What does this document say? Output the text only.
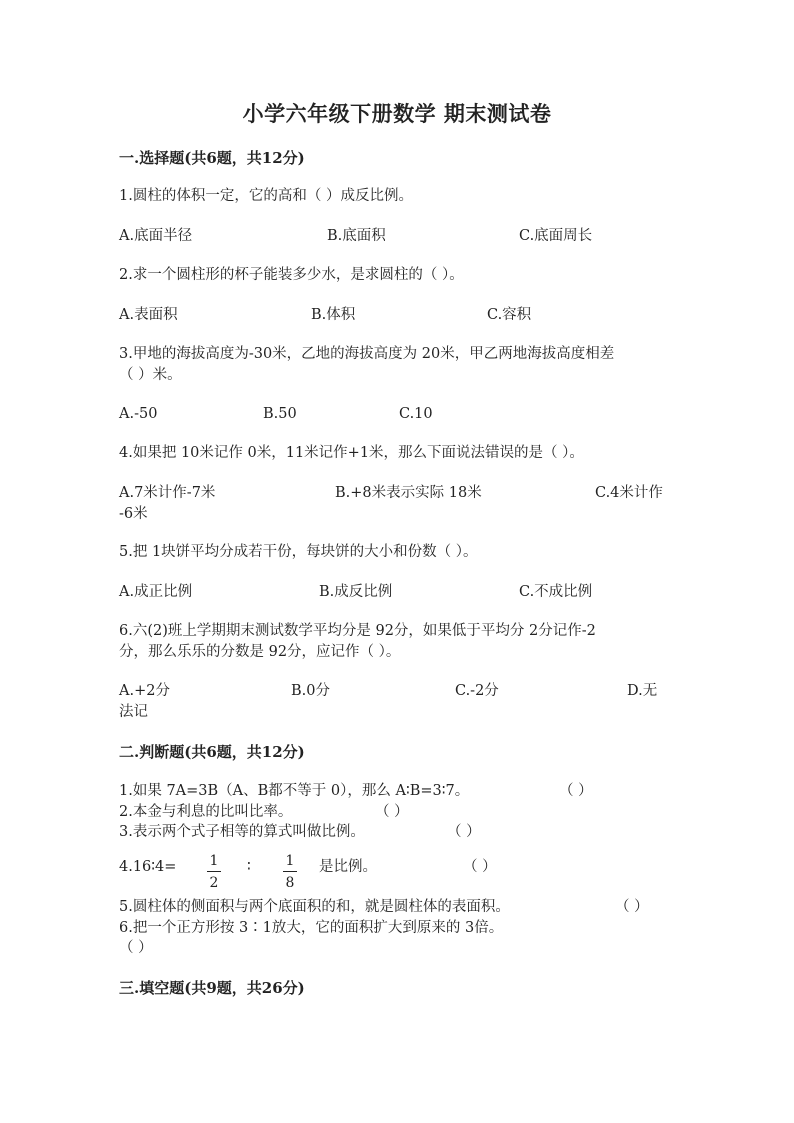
小学六年级下册数学 期末测试卷
一.选择题(共6题，共12分)
1.圆柱的体积一定，它的高和（ ）成反比例。
A.底面半径	B.底面积	C.底面周长
2.求一个圆柱形的杯子能装多少水，是求圆柱的（ ）。
A.表面积	B.体积	C.容积
3.甲地的海拔高度为-30米，乙地的海拔高度为 20米，甲乙两地海拔高度相差
（ ）米。
A.-50	B.50	C.10
4.如果把 10米记作 0米，11米记作+1米，那么下面说法错误的是（ ）。
A.7米计作-7米	B.+8米表示实际 18米	C.4米计作
-6米
5.把 1块饼平均分成若干份，每块饼的大小和份数（ ）。
A.成正比例	B.成反比例	C.不成比例
6.六(2)班上学期期末测试数学平均分是 92分，如果低于平均分 2分记作-2
分，那么乐乐的分数是 92分，应记作（ ）。
A.+2分	B.0分	C.-2分	D.无
法记
二.判断题(共6题，共12分)
1.如果 7A=3B（A、B都不等于 0），那么 A∶B=3∶7。	（ ）
2.本金与利息的比叫比率。	（ ）
3.表示两个式子相等的算式叫做比例。	（ ）
4.16∶4= 1
2
∶ 1
8
是比例。	（ ）
5.圆柱体的侧面积与两个底面积的和，就是圆柱体的表面积。	（ ）
6.把一个正方形按 3∶1放大，它的面积扩大到原来的 3倍。
（ ）
三.填空题(共9题，共26分)
